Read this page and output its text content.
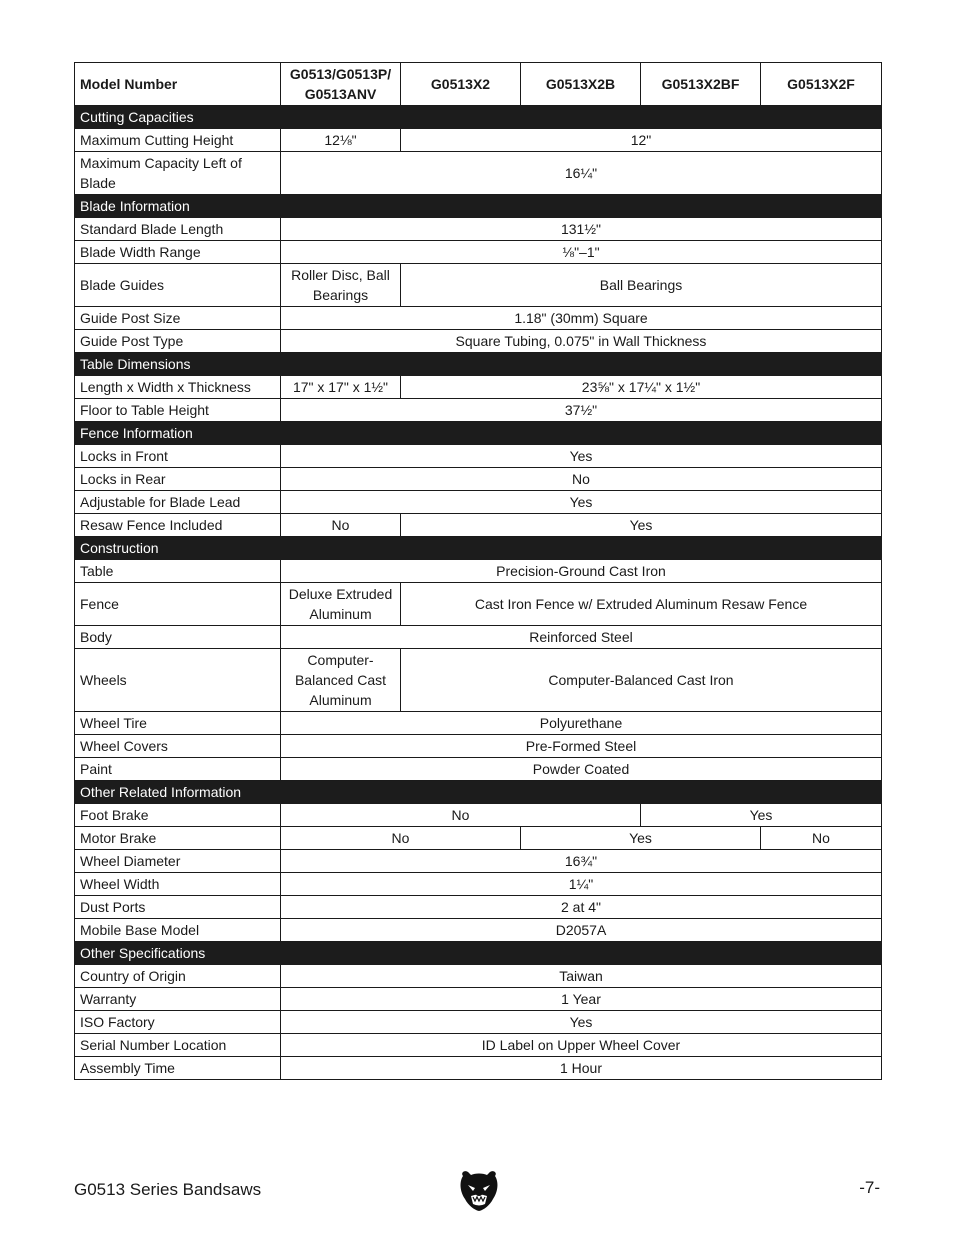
Model Number	G0513/G0513P/ G0513ANV	G0513X2	G0513X2B	G0513X2BF	G0513X2F
Cutting Capacities					
Maximum Cutting Height	12⅛"	12"			
Maximum Capacity Left of Blade	16¼"				
Blade Information					
Standard Blade Length	131½"				
Blade Width Range	⅛"–1"				
Blade Guides	Roller Disc, Ball Bearings	Ball Bearings			
Guide Post Size	1.18" (30mm) Square				
Guide Post Type	Square Tubing, 0.075" in Wall Thickness				
Table Dimensions					
Length x Width x Thickness	17" x 17" x 1½"	23⅝" x 17¼" x 1½"			
Floor to Table Height	37½"				
Fence Information					
Locks in Front	Yes				
Locks in Rear	No				
Adjustable for Blade Lead	Yes				
Resaw Fence Included	No	Yes			
Construction					
Table	Precision-Ground Cast Iron				
Fence	Deluxe Extruded Aluminum	Cast Iron Fence w/ Extruded Aluminum Resaw Fence			
Body	Reinforced Steel				
Wheels	Computer-Balanced Cast Aluminum	Computer-Balanced Cast Iron			
Wheel Tire	Polyurethane				
Wheel Covers	Pre-Formed Steel				
Paint	Powder Coated				
Other Related Information					
Foot Brake	No			Yes	
Motor Brake	No		Yes		No
Wheel Diameter	16¾"				
Wheel Width	1¼"				
Dust Ports	2 at 4"				
Mobile Base Model	D2057A				
Other Specifications					
Country of Origin	Taiwan				
Warranty	1 Year				
ISO Factory	Yes				
Serial Number Location	ID Label on Upper Wheel Cover				
Assembly Time	1 Hour				
G0513 Series Bandsaws	-7-
